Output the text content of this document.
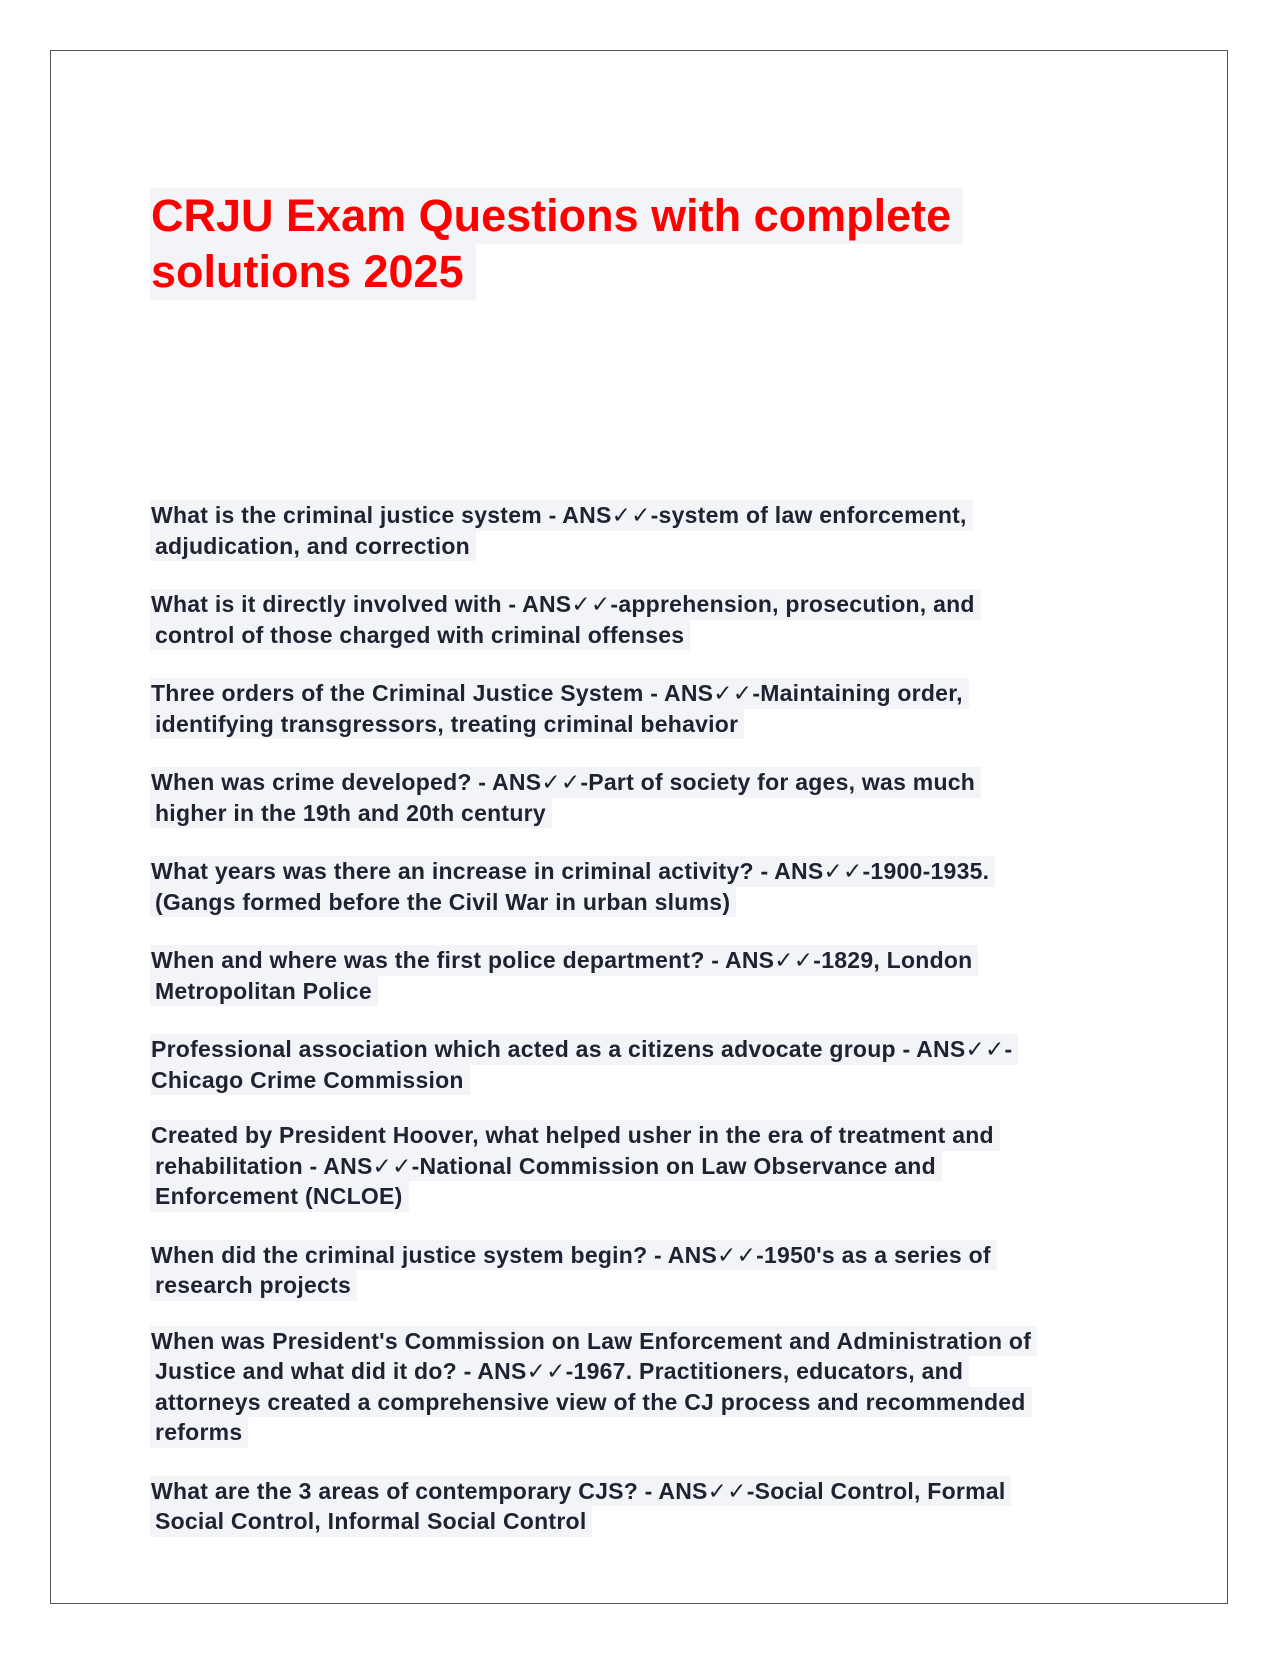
CRJU Exam Questions with complete
solutions 2025
What is the criminal justice system - ANS✓✓-system of law enforcement,
adjudication, and correction
What is it directly involved with - ANS✓✓-apprehension, prosecution, and
control of those charged with criminal offenses
Three orders of the Criminal Justice System - ANS✓✓-Maintaining order,
identifying transgressors, treating criminal behavior
When was crime developed? - ANS✓✓-Part of society for ages, was much
higher in the 19th and 20th century
What years was there an increase in criminal activity? - ANS✓✓-1900-1935.
(Gangs formed before the Civil War in urban slums)
When and where was the first police department? - ANS✓✓-1829, London
Metropolitan Police
Professional association which acted as a citizens advocate group - ANS✓✓-
Chicago Crime Commission
Created by President Hoover, what helped usher in the era of treatment and
rehabilitation - ANS✓✓-National Commission on Law Observance and
Enforcement (NCLOE)
When did the criminal justice system begin? - ANS✓✓-1950's as a series of
research projects
When was President's Commission on Law Enforcement and Administration of
Justice and what did it do? - ANS✓✓-1967. Practitioners, educators, and
attorneys created a comprehensive view of the CJ process and recommended
reforms
What are the 3 areas of contemporary CJS? - ANS✓✓-Social Control, Formal
Social Control, Informal Social Control
